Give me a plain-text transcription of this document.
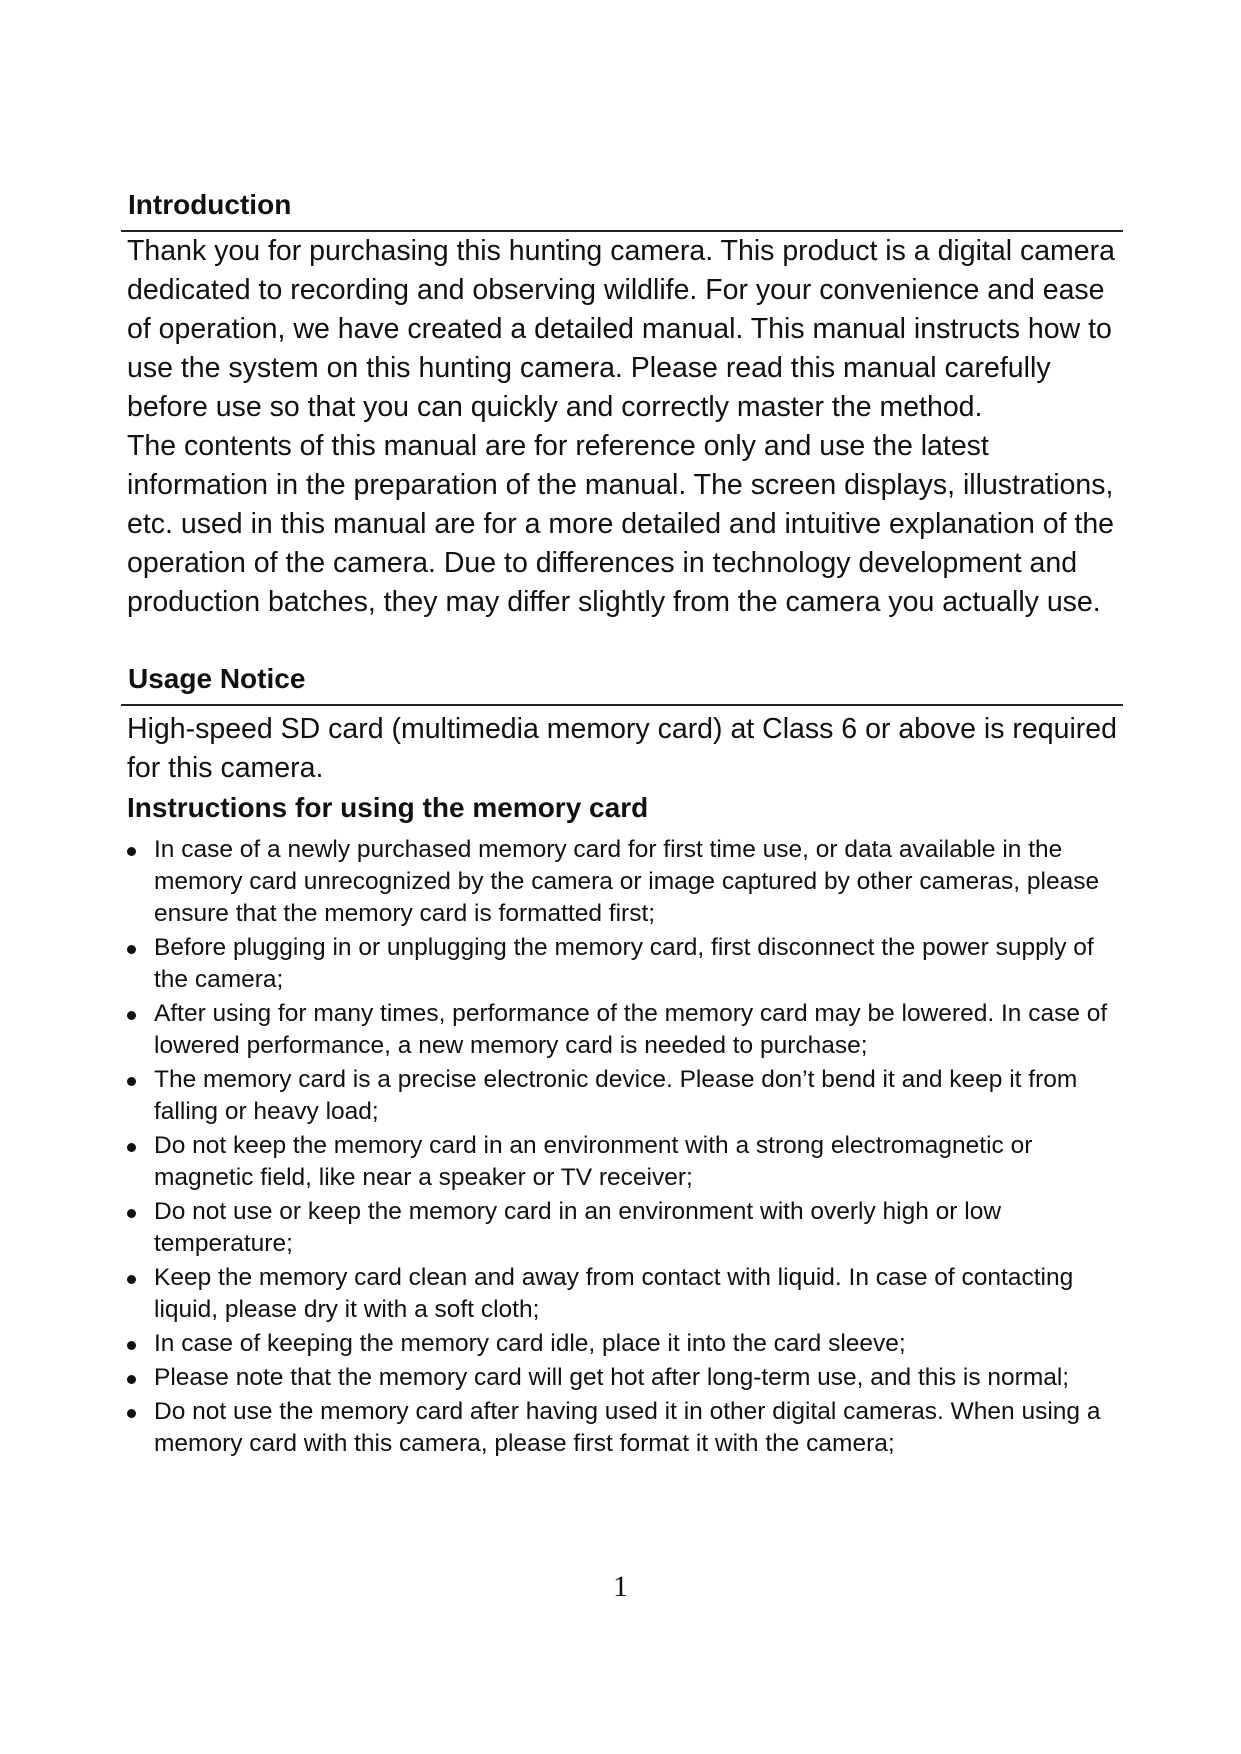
Introduction

Thank you for purchasing this hunting camera. This product is a digital camera dedicated to recording and observing wildlife. For your convenience and ease of operation, we have created a detailed manual. This manual instructs how to use the system on this hunting camera. Please read this manual carefully before use so that you can quickly and correctly master the method.

The contents of this manual are for reference only and use the latest information in the preparation of the manual. The screen displays, illustrations, etc. used in this manual are for a more detailed and intuitive explanation of the operation of the camera. Due to differences in technology development and production batches, they may differ slightly from the camera you actually use.

Usage Notice

High-speed SD card (multimedia memory card) at Class 6 or above is required for this camera.

Instructions for using the memory card
In case of a newly purchased memory card for first time use, or data available in the memory card unrecognized by the camera or image captured by other cameras, please ensure that the memory card is formatted first;
Before plugging in or unplugging the memory card, first disconnect the power supply of the camera;
After using for many times, performance of the memory card may be lowered. In case of lowered performance, a new memory card is needed to purchase;
The memory card is a precise electronic device. Please don’t bend it and keep it from falling or heavy load;
Do not keep the memory card in an environment with a strong electromagnetic or magnetic field, like near a speaker or TV receiver;
Do not use or keep the memory card in an environment with overly high or low temperature;
Keep the memory card clean and away from contact with liquid. In case of contacting liquid, please dry it with a soft cloth;
In case of keeping the memory card idle, place it into the card sleeve;
Please note that the memory card will get hot after long-term use, and this is normal;
Do not use the memory card after having used it in other digital cameras. When using a memory card with this camera, please first format it with the camera;
1
